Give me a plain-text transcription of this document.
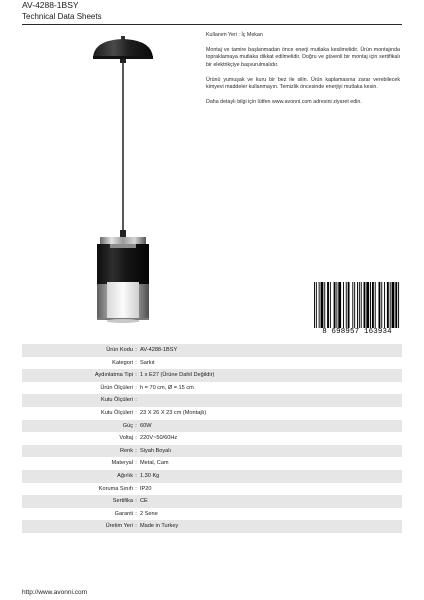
AV-4288-1BSY
Technical Data Sheets

Kullanım Yeri : İç Mekan

Montaj ve tamire başlanmadan önce enerji mutlaka kesilmelidir. Ürün montajında topraklamaya mutlaka dikkat edilmelidir. Doğru ve güvenli bir montaj için sertifikalı bir elektrikçiye başvurulmalıdır.

Ürünü yumuşak ve kuru bir bez ile silin. Ürün kaplamasına zarar verebilecek kimyevi maddeler kullanmayın. Temizlik öncesinde enerjiyi mutlaka kesin.

Daha detaylı bilgi için lütfen www.avonni.com adresini ziyaret edin.

8 698957 163934
Ürün Kodu : AV-4288-1BSY
Kategori : Sarkıt
Aydınlatma Tipi : 1 x E27 (Ürüne Dahil Değildir)
Ürün Ölçüleri : h = 70 cm, Ø = 15 cm
Kutu Ölçüleri :
Kutu Ölçüleri : 23 X 26 X 23 cm (Montajlı)
Güç : 60W
Voltaj : 220V~50/60Hz
Renk : Siyah Boyalı
Materyal : Metal, Cam
Ağırlık : 1.30 Kg
Koruma Sınıfı : IP20
Sertifika : CE
Garanti : 2 Sene
Üretim Yeri : Made in Turkey
http://www.avonni.com
